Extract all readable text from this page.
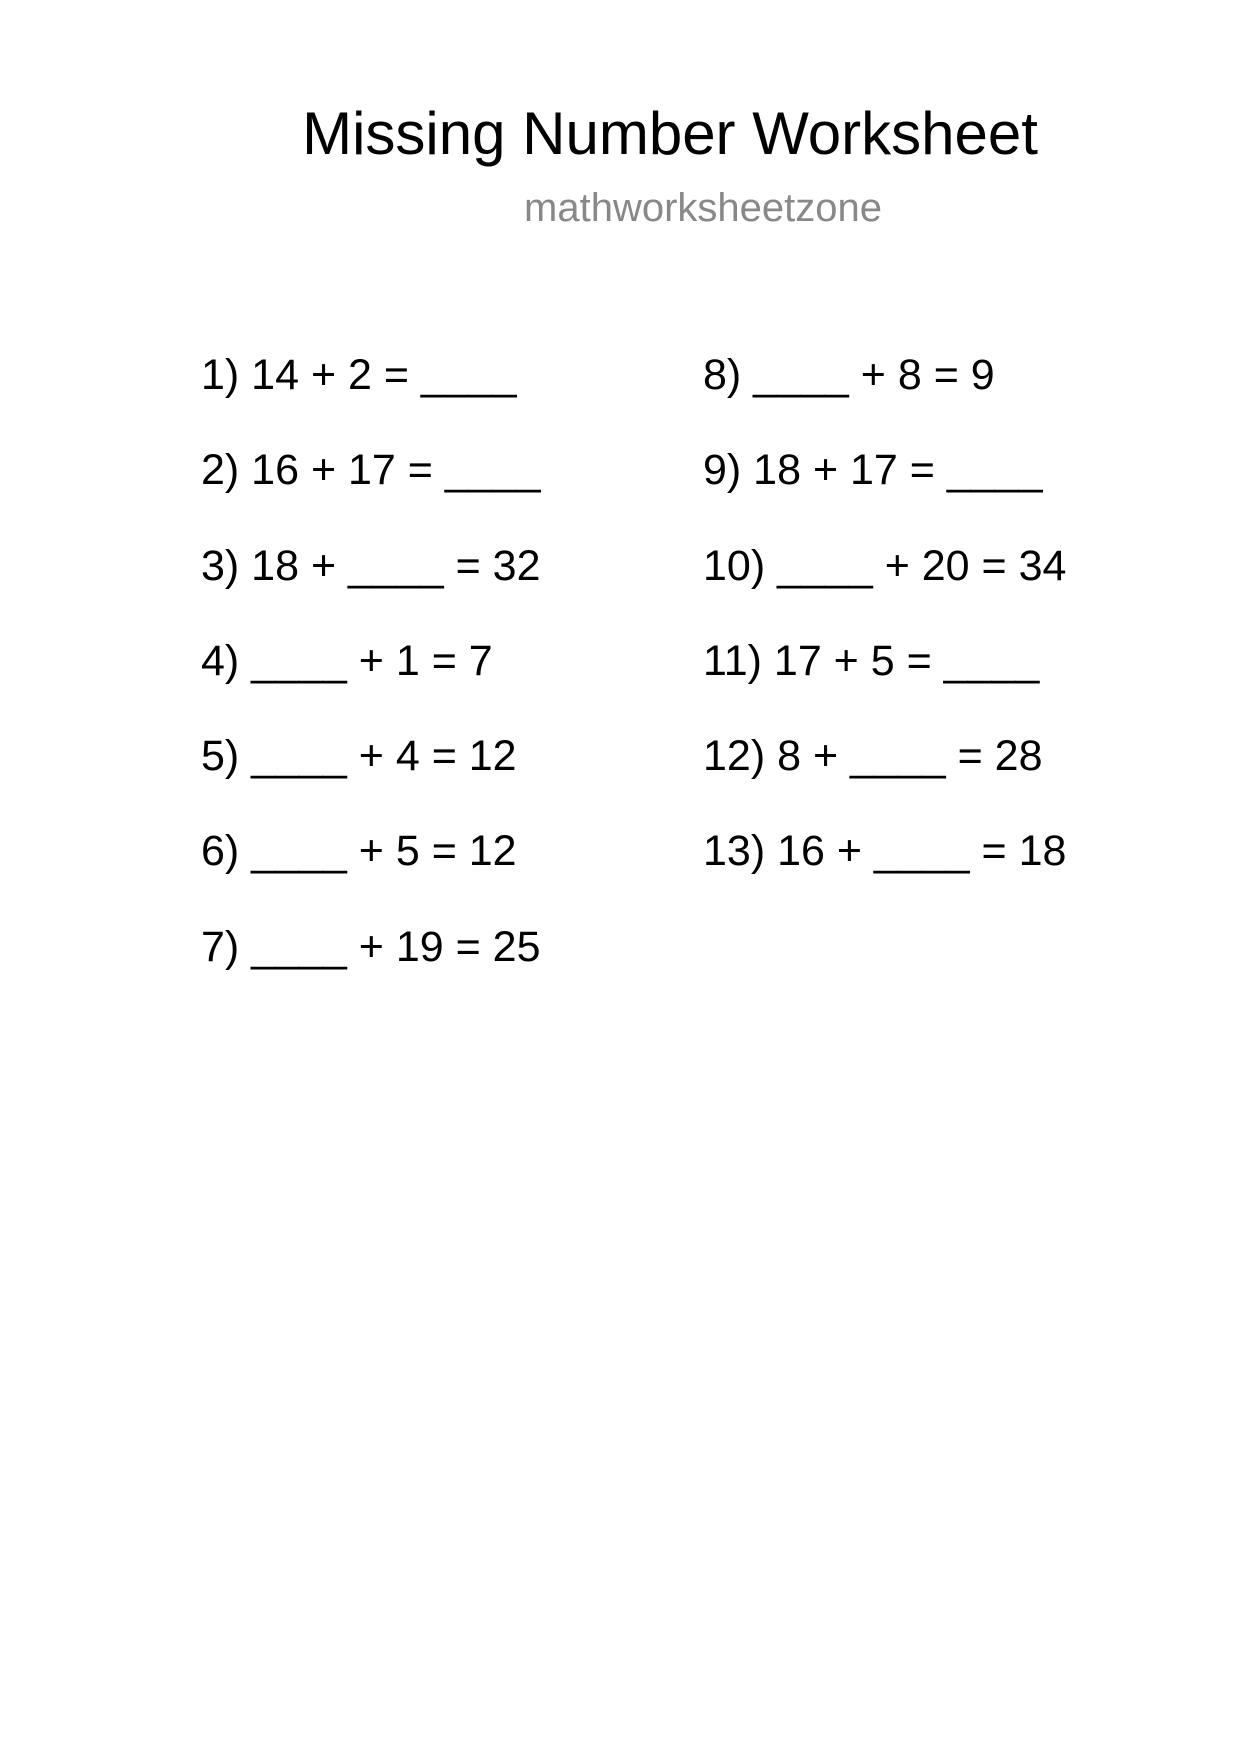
Missing Number Worksheet
mathworksheetzone
1) 14 + 2 = ____
2) 16 + 17 = ____
3) 18 + ____ = 32
4) ____ + 1 = 7
5) ____ + 4 = 12
6) ____ + 5 = 12
7) ____ + 19 = 25
8) ____ + 8 = 9
9) 18 + 17 = ____
10) ____ + 20 = 34
11) 17 + 5 = ____
12) 8 + ____ = 28
13) 16 + ____ = 18
